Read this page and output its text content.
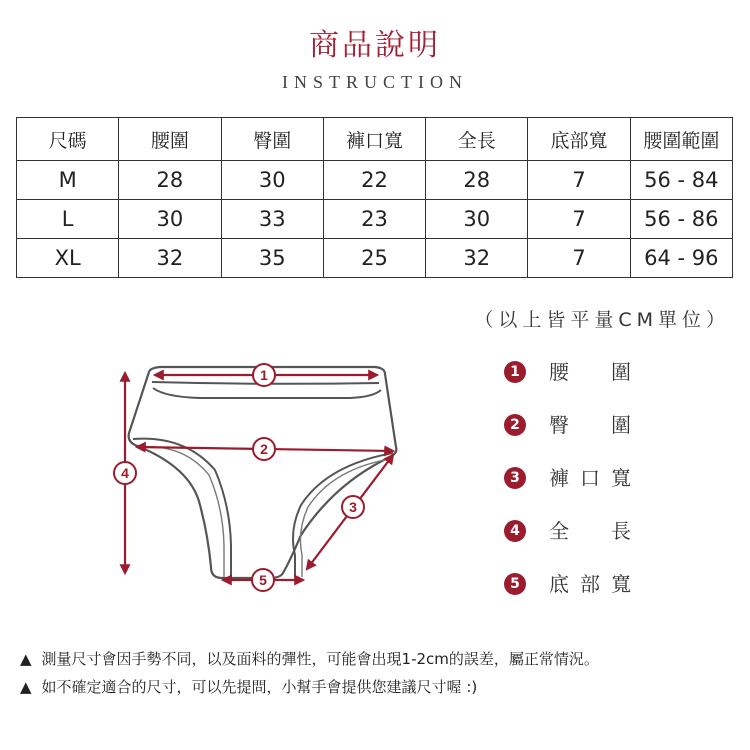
商品說明
INSTRUCTION
尺碼	腰圍	臀圍	褲口寬	全長	底部寬	腰圍範圍
M	28	30	22	28	7	56 - 84
L	30	33	23	30	7	56 - 86
XL	32	35	25	32	7	64 - 96
（以上皆平量CM單位）
1
2
3
4
5
1	腰 圍
2	臀 圍
3	褲 口 寬
4	全 長
5	底 部 寬
▲ 測量尺寸會因手勢不同，以及面料的彈性，可能會出現1-2cm的誤差，屬正常情況。
▲ 如不確定適合的尺寸，可以先提問，小幫手會提供您建議尺寸喔 :)
